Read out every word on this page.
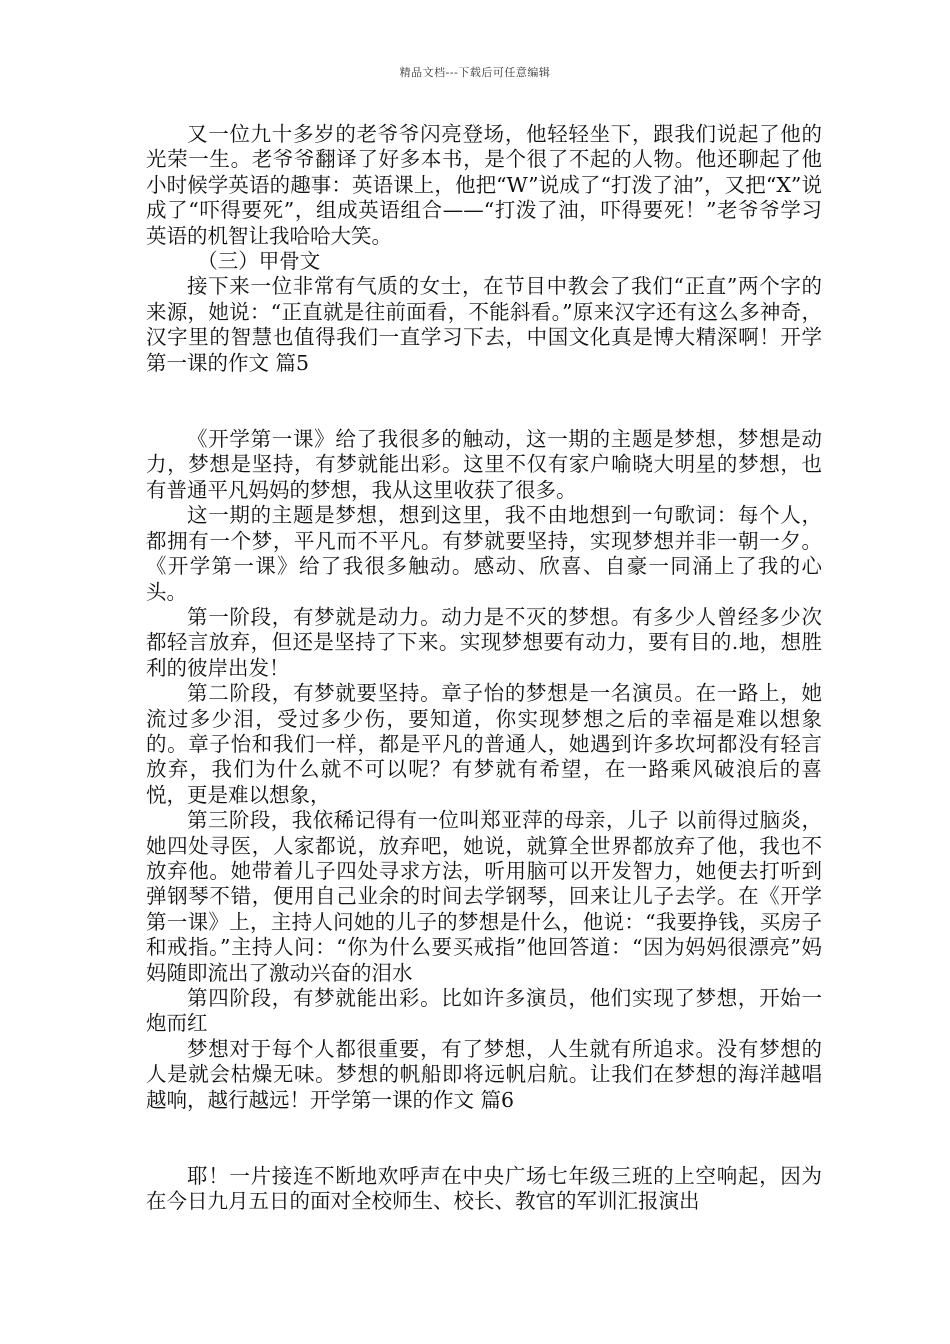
精品文档---下载后可任意编辑

又一位九十多岁的老爷爷闪亮登场，他轻轻坐下，跟我们说起了他的光荣一生。老爷爷翻译了好多本书，是个很了不起的人物。他还聊起了他小时候学英语的趣事：英语课上，他把“W”说成了“打泼了油”，又把“X”说成了“吓得要死”，组成英语组合——“打泼了油，吓得要死！”老爷爷学习英语的机智让我哈哈大笑。

（三）甲骨文

接下来一位非常有气质的女士，在节目中教会了我们“正直”两个字的来源，她说：“正直就是往前面看，不能斜看。”原来汉字还有这么多神奇，汉字里的智慧也值得我们一直学习下去，中国文化真是博大精深啊！开学第一课的作文 篇5

《开学第一课》给了我很多的触动，这一期的主题是梦想，梦想是动力，梦想是坚持，有梦就能出彩。这里不仅有家户喻晓大明星的梦想，也有普通平凡妈妈的梦想，我从这里收获了很多。

这一期的主题是梦想，想到这里，我不由地想到一句歌词：每个人，都拥有一个梦，平凡而不平凡。有梦就要坚持，实现梦想并非一朝一夕。《开学第一课》给了我很多触动。感动、欣喜、自豪一同涌上了我的心头。

第一阶段，有梦就是动力。动力是不灭的梦想。有多少人曾经多少次都轻言放弃，但还是坚持了下来。实现梦想要有动力，要有目的.地，想胜利的彼岸出发！

第二阶段，有梦就要坚持。章子怡的梦想是一名演员。在一路上，她流过多少泪，受过多少伤，要知道，你实现梦想之后的幸福是难以想象的。章子怡和我们一样，都是平凡的普通人，她遇到许多坎坷都没有轻言放弃，我们为什么就不可以呢？有梦就有希望，在一路乘风破浪后的喜悦，更是难以想象，

第三阶段，我依稀记得有一位叫郑亚萍的母亲，儿子 以前得过脑炎，她四处寻医，人家都说，放弃吧，她说，就算全世界都放弃了他，我也不放弃他。她带着儿子四处寻求方法，听用脑可以开发智力，她便去打听到弹钢琴不错，便用自己业余的时间去学钢琴，回来让儿子去学。在《开学第一课》上，主持人问她的儿子的梦想是什么，他说：“我要挣钱，买房子和戒指。”主持人问：“你为什么要买戒指”他回答道：“因为妈妈很漂亮”妈妈随即流出了激动兴奋的泪水

第四阶段，有梦就能出彩。比如许多演员，他们实现了梦想，开始一炮而红

梦想对于每个人都很重要，有了梦想，人生就有所追求。没有梦想的人是就会枯燥无味。梦想的帆船即将远帆启航。让我们在梦想的海洋越唱越响，越行越远！开学第一课的作文 篇6

耶！一片接连不断地欢呼声在中央广场七年级三班的上空响起，因为在今日九月五日的面对全校师生、校长、教官的军训汇报演出
